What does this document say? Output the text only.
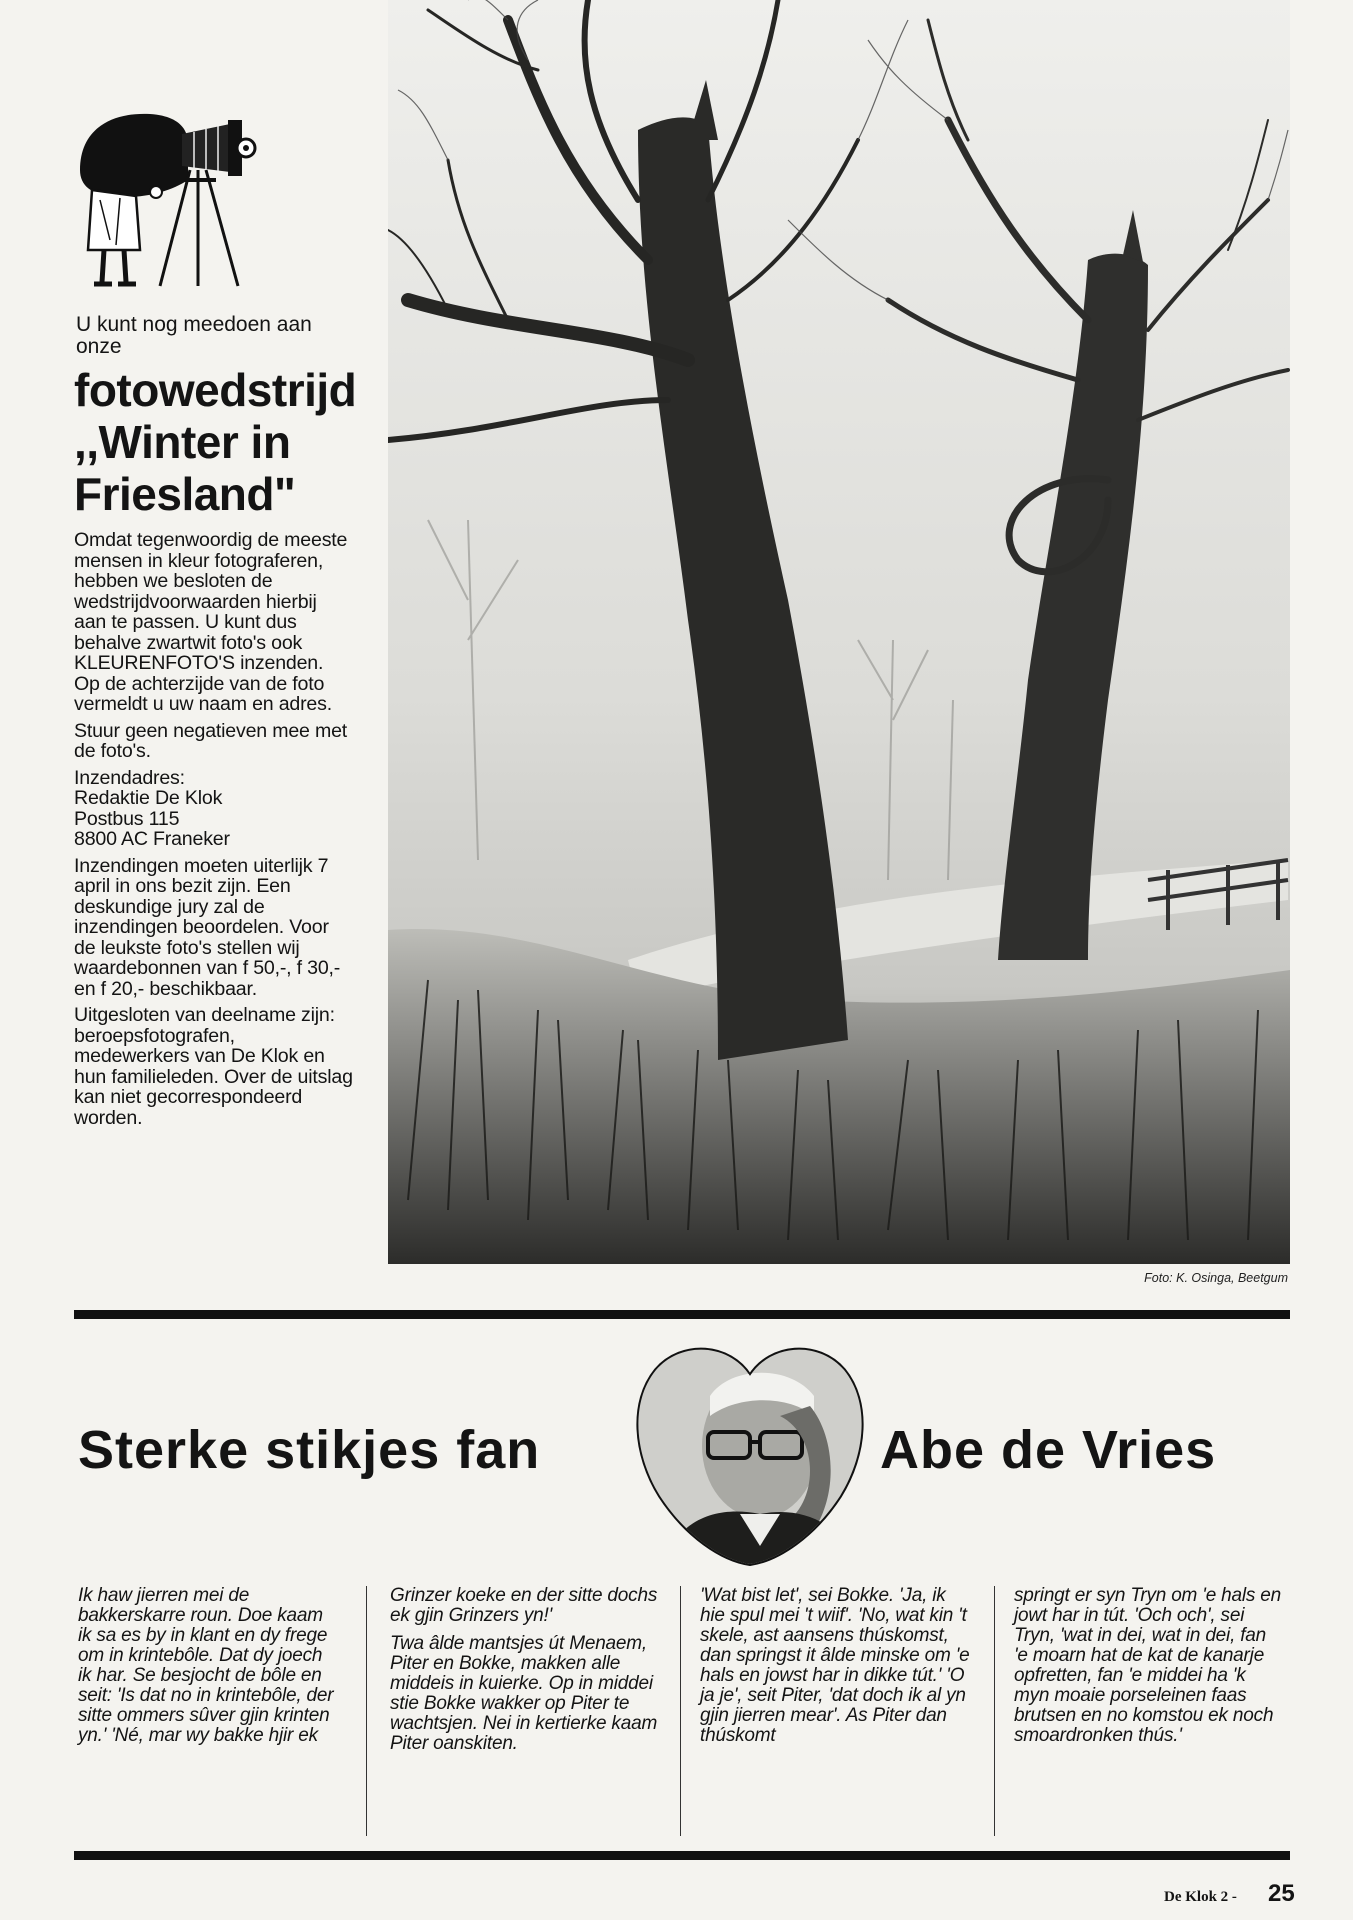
U kunt nog meedoen aan onze
fotowedstrijd
,,Winter in
Friesland"

Omdat tegenwoordig de meeste mensen in kleur fotograferen, hebben we besloten de wedstrijdvoorwaarden hierbij aan te passen. U kunt dus behalve zwartwit foto's ook KLEURENFOTO'S inzenden. Op de achterzijde van de foto vermeldt u uw naam en adres.

Stuur geen negatieven mee met de foto's.

Inzendadres:
Redaktie De Klok
Postbus 115
8800 AC Franeker

Inzendingen moeten uiterlijk 7 april in ons bezit zijn. Een deskundige jury zal de inzendingen beoordelen. Voor de leukste foto's stellen wij waardebonnen van f 50,-, f 30,- en f 20,- beschikbaar.

Uitgesloten van deelname zijn: beroepsfotografen, medewerkers van De Klok en hun familieleden. Over de uitslag kan niet gecorrespondeerd worden.

Foto: K. Osinga, Beetgum
Sterke stikjes fan	Abe de Vries

Ik haw jierren mei de bakkerskarre roun. Doe kaam ik sa es by in klant en dy frege om in krintebôle. Dat dy joech ik har. Se besjocht de bôle en seit: 'Is dat no in krintebôle, der sitte ommers sûver gjin krinten yn.' 'Né, mar wy bakke hjir ek

Grinzer koeke en der sitte dochs ek gjin Grinzers yn!'

Twa âlde mantsjes út Menaem, Piter en Bokke, makken alle middeis in kuierke. Op in middei stie Bokke wakker op Piter te wachtsjen. Nei in kertierke kaam Piter oanskiten.

'Wat bist let', sei Bokke. 'Ja, ik hie spul mei 't wiif'. 'No, wat kin 't skele, ast aansens thúskomst, dan springst it âlde minske om 'e hals en jowst har in dikke tút.' 'O ja je', seit Piter, 'dat doch ik al yn gjin jierren mear'. As Piter dan thúskomt

springt er syn Tryn om 'e hals en jowt har in tút. 'Och och', sei Tryn, 'wat in dei, wat in dei, fan 'e moarn hat de kat de kanarje opfretten, fan 'e middei ha 'k myn moaie porseleinen faas brutsen en no komstou ek noch smoardronken thús.'

De Klok 2 - 25
